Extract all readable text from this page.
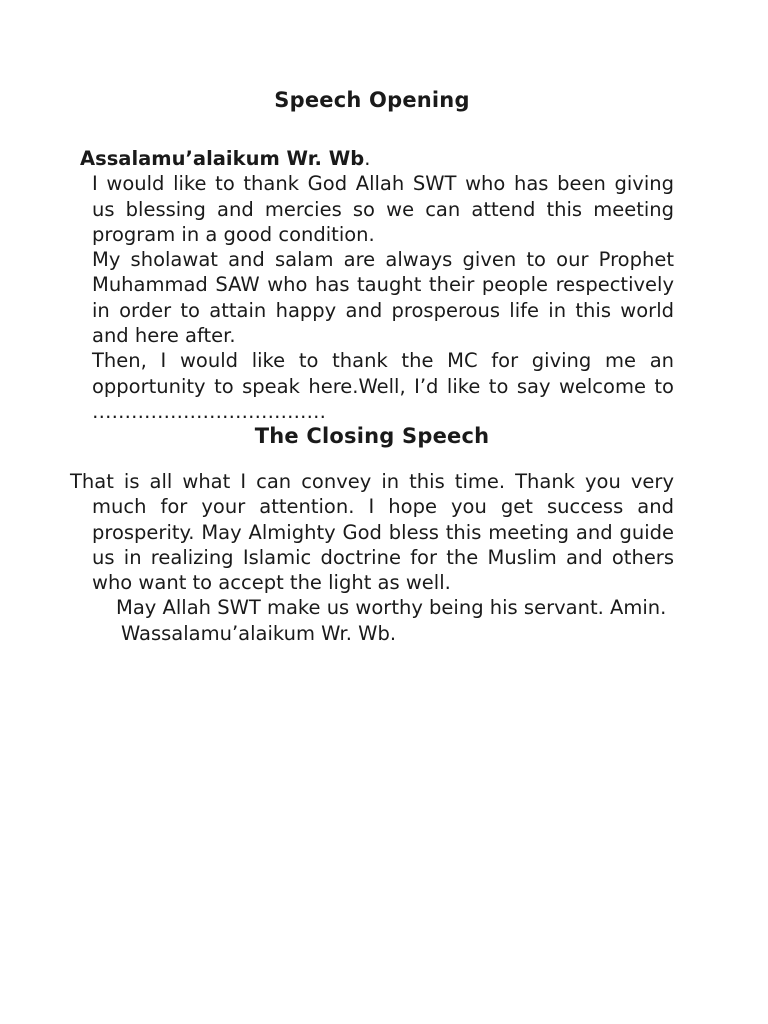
Speech Opening
Assalamu’alaikum Wr. Wb.

I would like to thank God Allah SWT who has been giving us blessing and mercies so we can attend this meeting program in a good condition.

My sholawat and salam are always given to our Prophet Muhammad SAW who has taught their people respectively in order to attain happy and prosperous life in this world and here after.

Then, I would like to thank the MC for giving me an opportunity to speak here.Well, I’d like to say welcome to ………………………………

The Closing Speech

That is all what I can convey in this time. Thank you very much for your attention. I hope you get success and prosperity. May Almighty God bless this meeting and guide us in realizing Islamic doctrine for the Muslim and others who want to accept the light as well.

May Allah SWT make us worthy being his servant. Amin.

Wassalamu’alaikum Wr. Wb.
